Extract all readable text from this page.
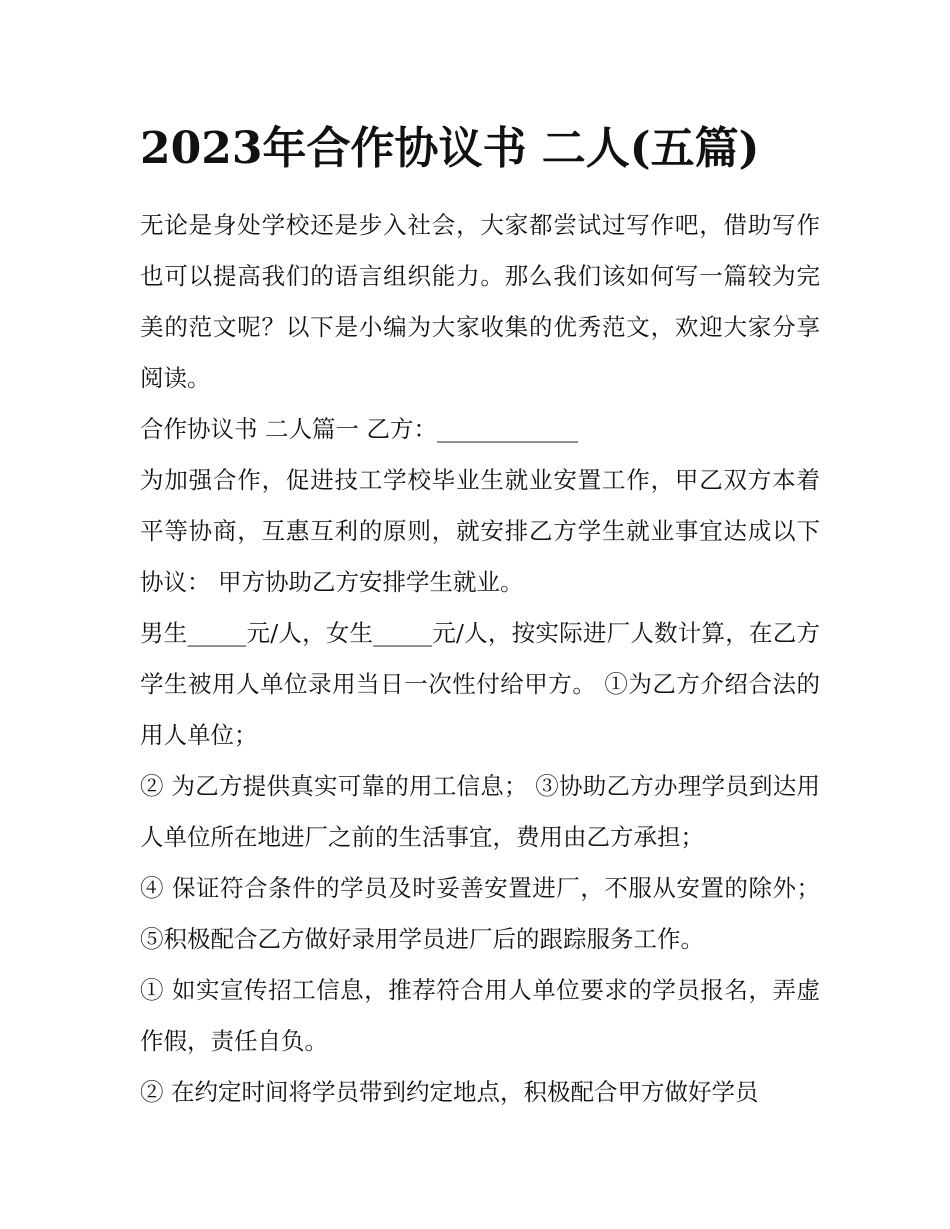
2023年合作协议书 二人(五篇)

无论是身处学校还是步入社会，大家都尝试过写作吧，借助写作也可以提高我们的语言组织能力。那么我们该如何写一篇较为完美的范文呢？以下是小编为大家收集的优秀范文，欢迎大家分享阅读。

合作协议书 二人篇一 乙方：____________

为加强合作，促进技工学校毕业生就业安置工作，甲乙双方本着平等协商，互惠互利的原则，就安排乙方学生就业事宜达成以下协议： 甲方协助乙方安排学生就业。

男生_____元/人，女生_____元/人，按实际进厂人数计算，在乙方学生被用人单位录用当日一次性付给甲方。 ①为乙方介绍合法的用人单位；

② 为乙方提供真实可靠的用工信息； ③协助乙方办理学员到达用人单位所在地进厂之前的生活事宜，费用由乙方承担；

④ 保证符合条件的学员及时妥善安置进厂，不服从安置的除外； ⑤积极配合乙方做好录用学员进厂后的跟踪服务工作。

① 如实宣传招工信息，推荐符合用人单位要求的学员报名，弄虚作假，责任自负。

② 在约定时间将学员带到约定地点，积极配合甲方做好学员
